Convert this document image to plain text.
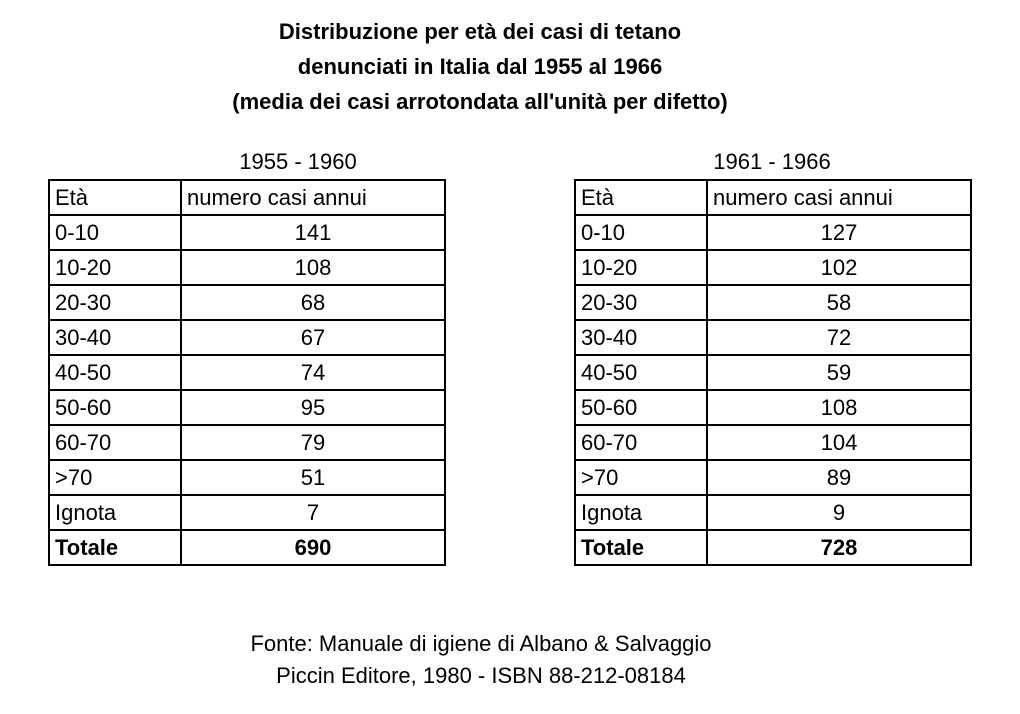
Distribuzione per età dei casi di tetano
denunciati in Italia dal 1955 al 1966
(media dei casi arrotondata all'unità per difetto)
1955 - 1960	1961 - 1966
Età	numero casi annui
0-10	141
10-20	108
20-30	68
30-40	67
40-50	74
50-60	95
60-70	79
>70	51
Ignota	7
Totale	690
Età	numero casi annui
0-10	127
10-20	102
20-30	58
30-40	72
40-50	59
50-60	108
60-70	104
>70	89
Ignota	9
Totale	728
Fonte: Manuale di igiene di Albano & Salvaggio
Piccin Editore, 1980 - ISBN 88-212-08184
